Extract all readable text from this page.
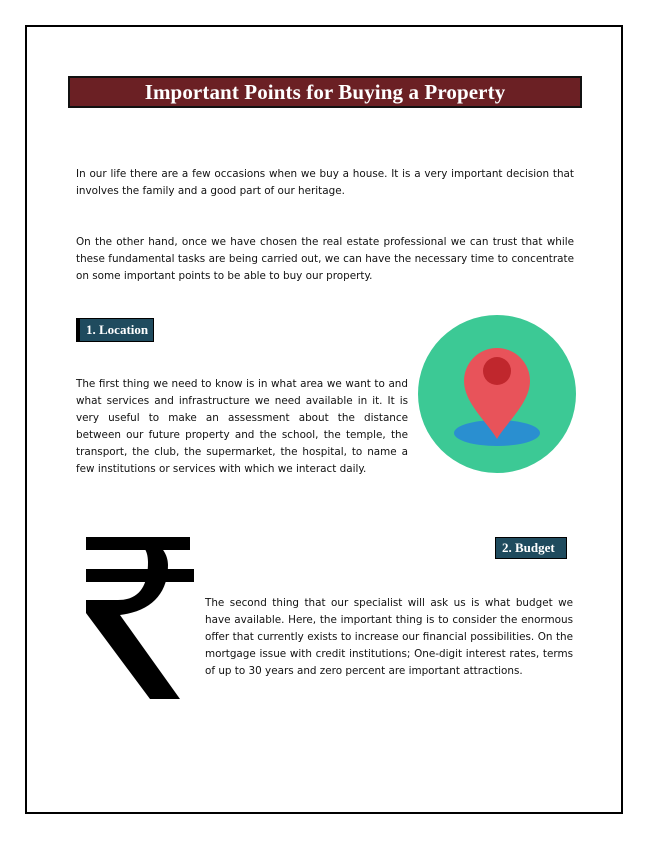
Important Points for Buying a Property

In our life there are a few occasions when we buy a house. It is a very important decision that involves the family and a good part of our heritage.

On the other hand, once we have chosen the real estate professional we can trust that while these fundamental tasks are being carried out, we can have the necessary time to concentrate on some important points to be able to buy our property.

1. Location

The first thing we need to know is in what area we want to and what services and infrastructure we need available in it. It is very useful to make an assessment about the distance between our future property and the school, the temple, the transport, the club, the supermarket, the hospital, to name a few institutions or services with which we interact daily.

2. Budget

The second thing that our specialist will ask us is what budget we have available. Here, the important thing is to consider the enormous offer that currently exists to increase our financial possibilities. On the mortgage issue with credit institutions; One-digit interest rates, terms of up to 30 years and zero percent are important attractions.
